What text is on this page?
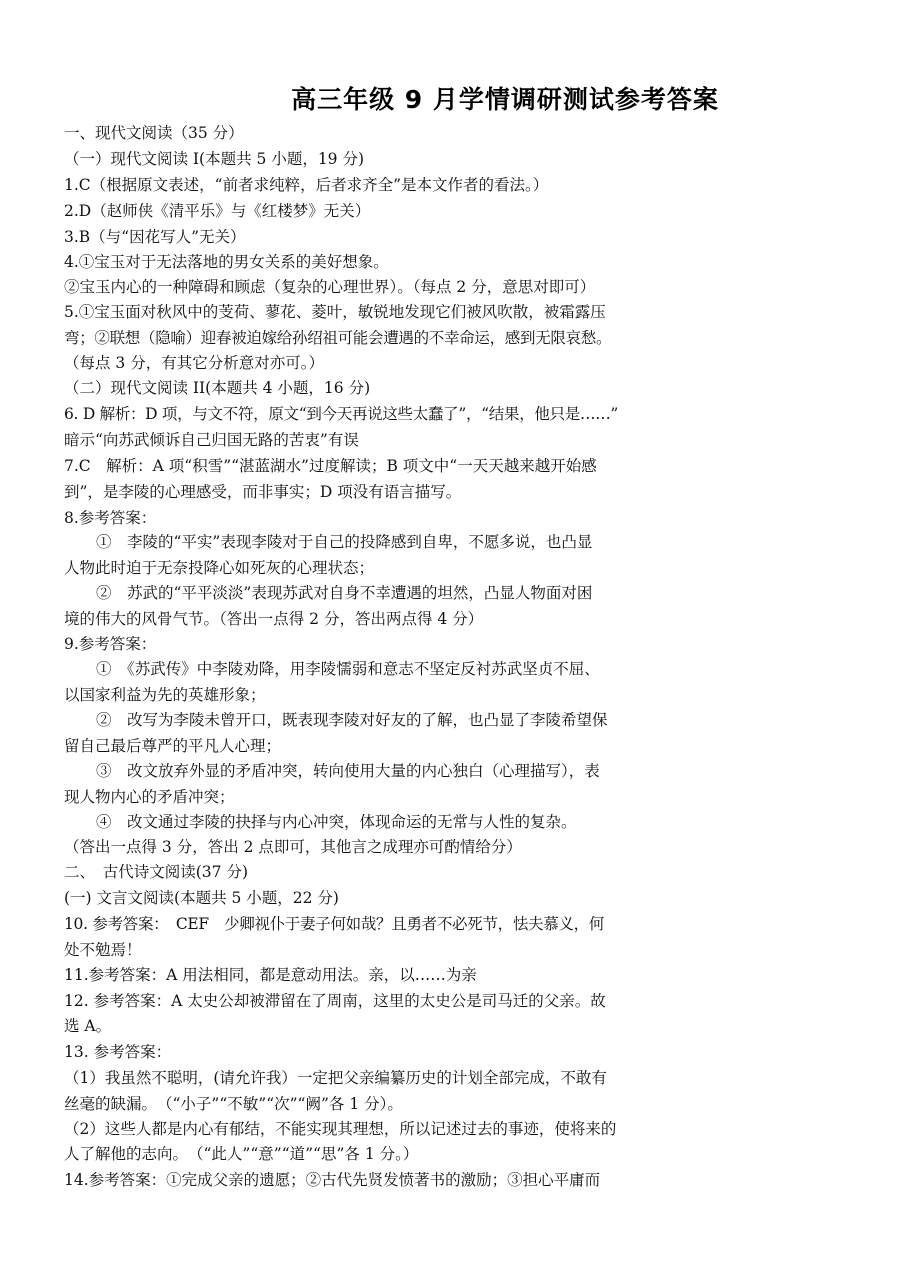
高三年级 9 月学情调研测试参考答案
一、现代文阅读（35 分）
（一）现代文阅读 I(本题共 5 小题，19 分)
1.C（根据原文表述，“前者求纯粹，后者求齐全”是本文作者的看法。）
2.D（赵师侠《清平乐》与《红楼梦》无关）
3.B（与“因花写人”无关）
4.①宝玉对于无法落地的男女关系的美好想象。
②宝玉内心的一种障碍和顾虑（复杂的心理世界）。（每点 2 分，意思对即可）
5.①宝玉面对秋风中的芰荷、蓼花、菱叶，敏锐地发现它们被风吹散，被霜露压
弯；②联想（隐喻）迎春被迫嫁给孙绍祖可能会遭遇的不幸命运，感到无限哀愁。
（每点 3 分，有其它分析意对亦可。）
（二）现代文阅读 II(本题共 4 小题，16 分)
6. D 解析：D 项，与文不符，原文“到今天再说这些太蠢了”，“结果，他只是……”
暗示“向苏武倾诉自己归国无路的苦衷”有误
7.C　解析：A 项“积雪”“湛蓝湖水”过度解读；B 项文中“一天天越来越开始感
到”，是李陵的心理感受，而非事实；D 项没有语言描写。
8.参考答案：
①　李陵的“平实”表现李陵对于自己的投降感到自卑，不愿多说，也凸显
人物此时迫于无奈投降心如死灰的心理状态；
②　苏武的“平平淡淡”表现苏武对自身不幸遭遇的坦然，凸显人物面对困
境的伟大的风骨气节。（答出一点得 2 分，答出两点得 4 分）
9.参考答案：
①　《苏武传》中李陵劝降，用李陵懦弱和意志不坚定反衬苏武坚贞不屈、
以国家利益为先的英雄形象；
②　改写为李陵未曾开口，既表现李陵对好友的了解，也凸显了李陵希望保
留自己最后尊严的平凡人心理；
③　改文放弃外显的矛盾冲突，转向使用大量的内心独白（心理描写），表
现人物内心的矛盾冲突；
④　改文通过李陵的抉择与内心冲突，体现命运的无常与人性的复杂。
（答出一点得 3 分，答出 2 点即可，其他言之成理亦可酌情给分）
二、　古代诗文阅读(37 分)
(一) 文言文阅读(本题共 5 小题，22 分)
10. 参考答案：　CEF　少卿视仆于妻子何如哉？且勇者不必死节，怯夫慕义，何
处不勉焉！
11.参考答案：A 用法相同，都是意动用法。亲，以……为亲
12. 参考答案：A 太史公却被滞留在了周南，这里的太史公是司马迁的父亲。故
选 A。
13. 参考答案：
（1）我虽然不聪明，(请允许我）一定把父亲编纂历史的计划全部完成，不敢有
丝毫的缺漏。　（“小子”“不敏”“次”“阙”各 1 分）。
（2）这些人都是内心有郁结，不能实现其理想，所以记述过去的事迹，使将来的
人了解他的志向。　（“此人”“意”“道”“思”各 1 分。）
14.参考答案：①完成父亲的遗愿；②古代先贤发愤著书的激励；③担心平庸而
